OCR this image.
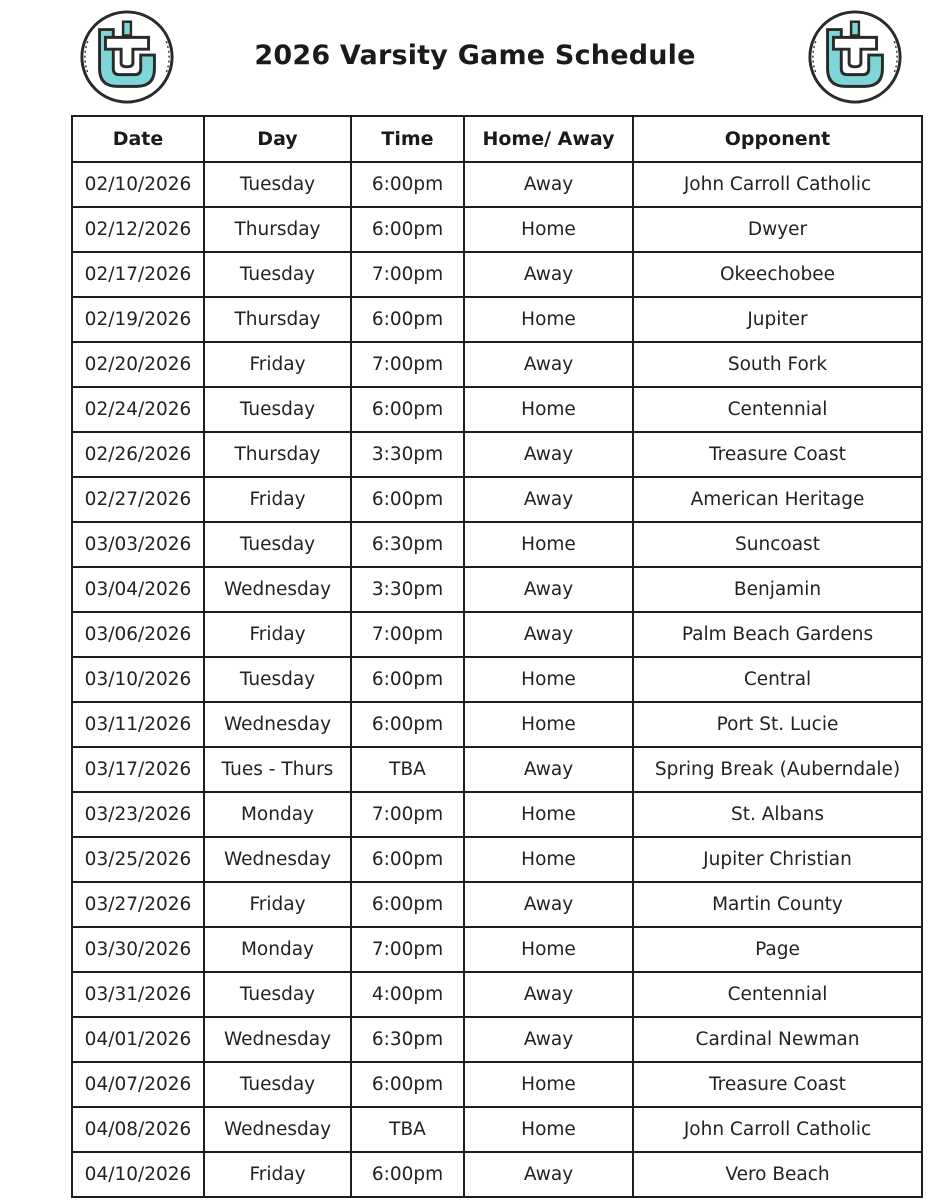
2026 Varsity Game Schedule
Date	Day	Time	Home/ Away	Opponent
02/10/2026	Tuesday	6:00pm	Away	John Carroll Catholic
02/12/2026	Thursday	6:00pm	Home	Dwyer
02/17/2026	Tuesday	7:00pm	Away	Okeechobee
02/19/2026	Thursday	6:00pm	Home	Jupiter
02/20/2026	Friday	7:00pm	Away	South Fork
02/24/2026	Tuesday	6:00pm	Home	Centennial
02/26/2026	Thursday	3:30pm	Away	Treasure Coast
02/27/2026	Friday	6:00pm	Away	American Heritage
03/03/2026	Tuesday	6:30pm	Home	Suncoast
03/04/2026	Wednesday	3:30pm	Away	Benjamin
03/06/2026	Friday	7:00pm	Away	Palm Beach Gardens
03/10/2026	Tuesday	6:00pm	Home	Central
03/11/2026	Wednesday	6:00pm	Home	Port St. Lucie
03/17/2026	Tues - Thurs	TBA	Away	Spring Break (Auberndale)
03/23/2026	Monday	7:00pm	Home	St. Albans
03/25/2026	Wednesday	6:00pm	Home	Jupiter Christian
03/27/2026	Friday	6:00pm	Away	Martin County
03/30/2026	Monday	7:00pm	Home	Page
03/31/2026	Tuesday	4:00pm	Away	Centennial
04/01/2026	Wednesday	6:30pm	Away	Cardinal Newman
04/07/2026	Tuesday	6:00pm	Home	Treasure Coast
04/08/2026	Wednesday	TBA	Home	John Carroll Catholic
04/10/2026	Friday	6:00pm	Away	Vero Beach
